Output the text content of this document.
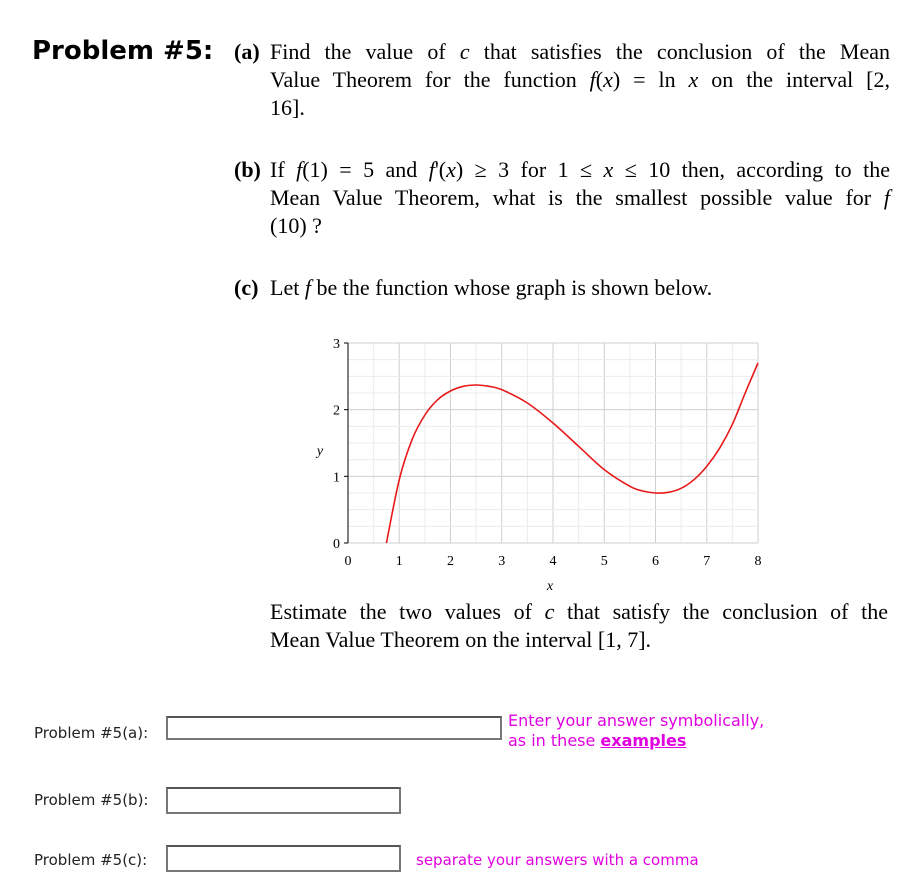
Problem #5: (a) Find the value of c that satisfies the conclusion of the Mean
Value Theorem for the function f(x) = ln x on the interval [2,
16].
(b) If f(1) = 5 and f'(x) ≥ 3 for 1 ≤ x ≤ 10 then, according to the
Mean Value Theorem, what is the smallest possible value for f
(10) ?
(c) Let f be the function whose graph is shown below.
0	1	2	3	4	5	6	7	8
0
1
2
3
y
x
Estimate the two values of c that satisfy the conclusion of the
Mean Value Theorem on the interval [1, 7].
Problem #5(a):
Enter your answer symbolically,
as in these examples
Problem #5(b):
Problem #5(c):	separate your answers with a comma
